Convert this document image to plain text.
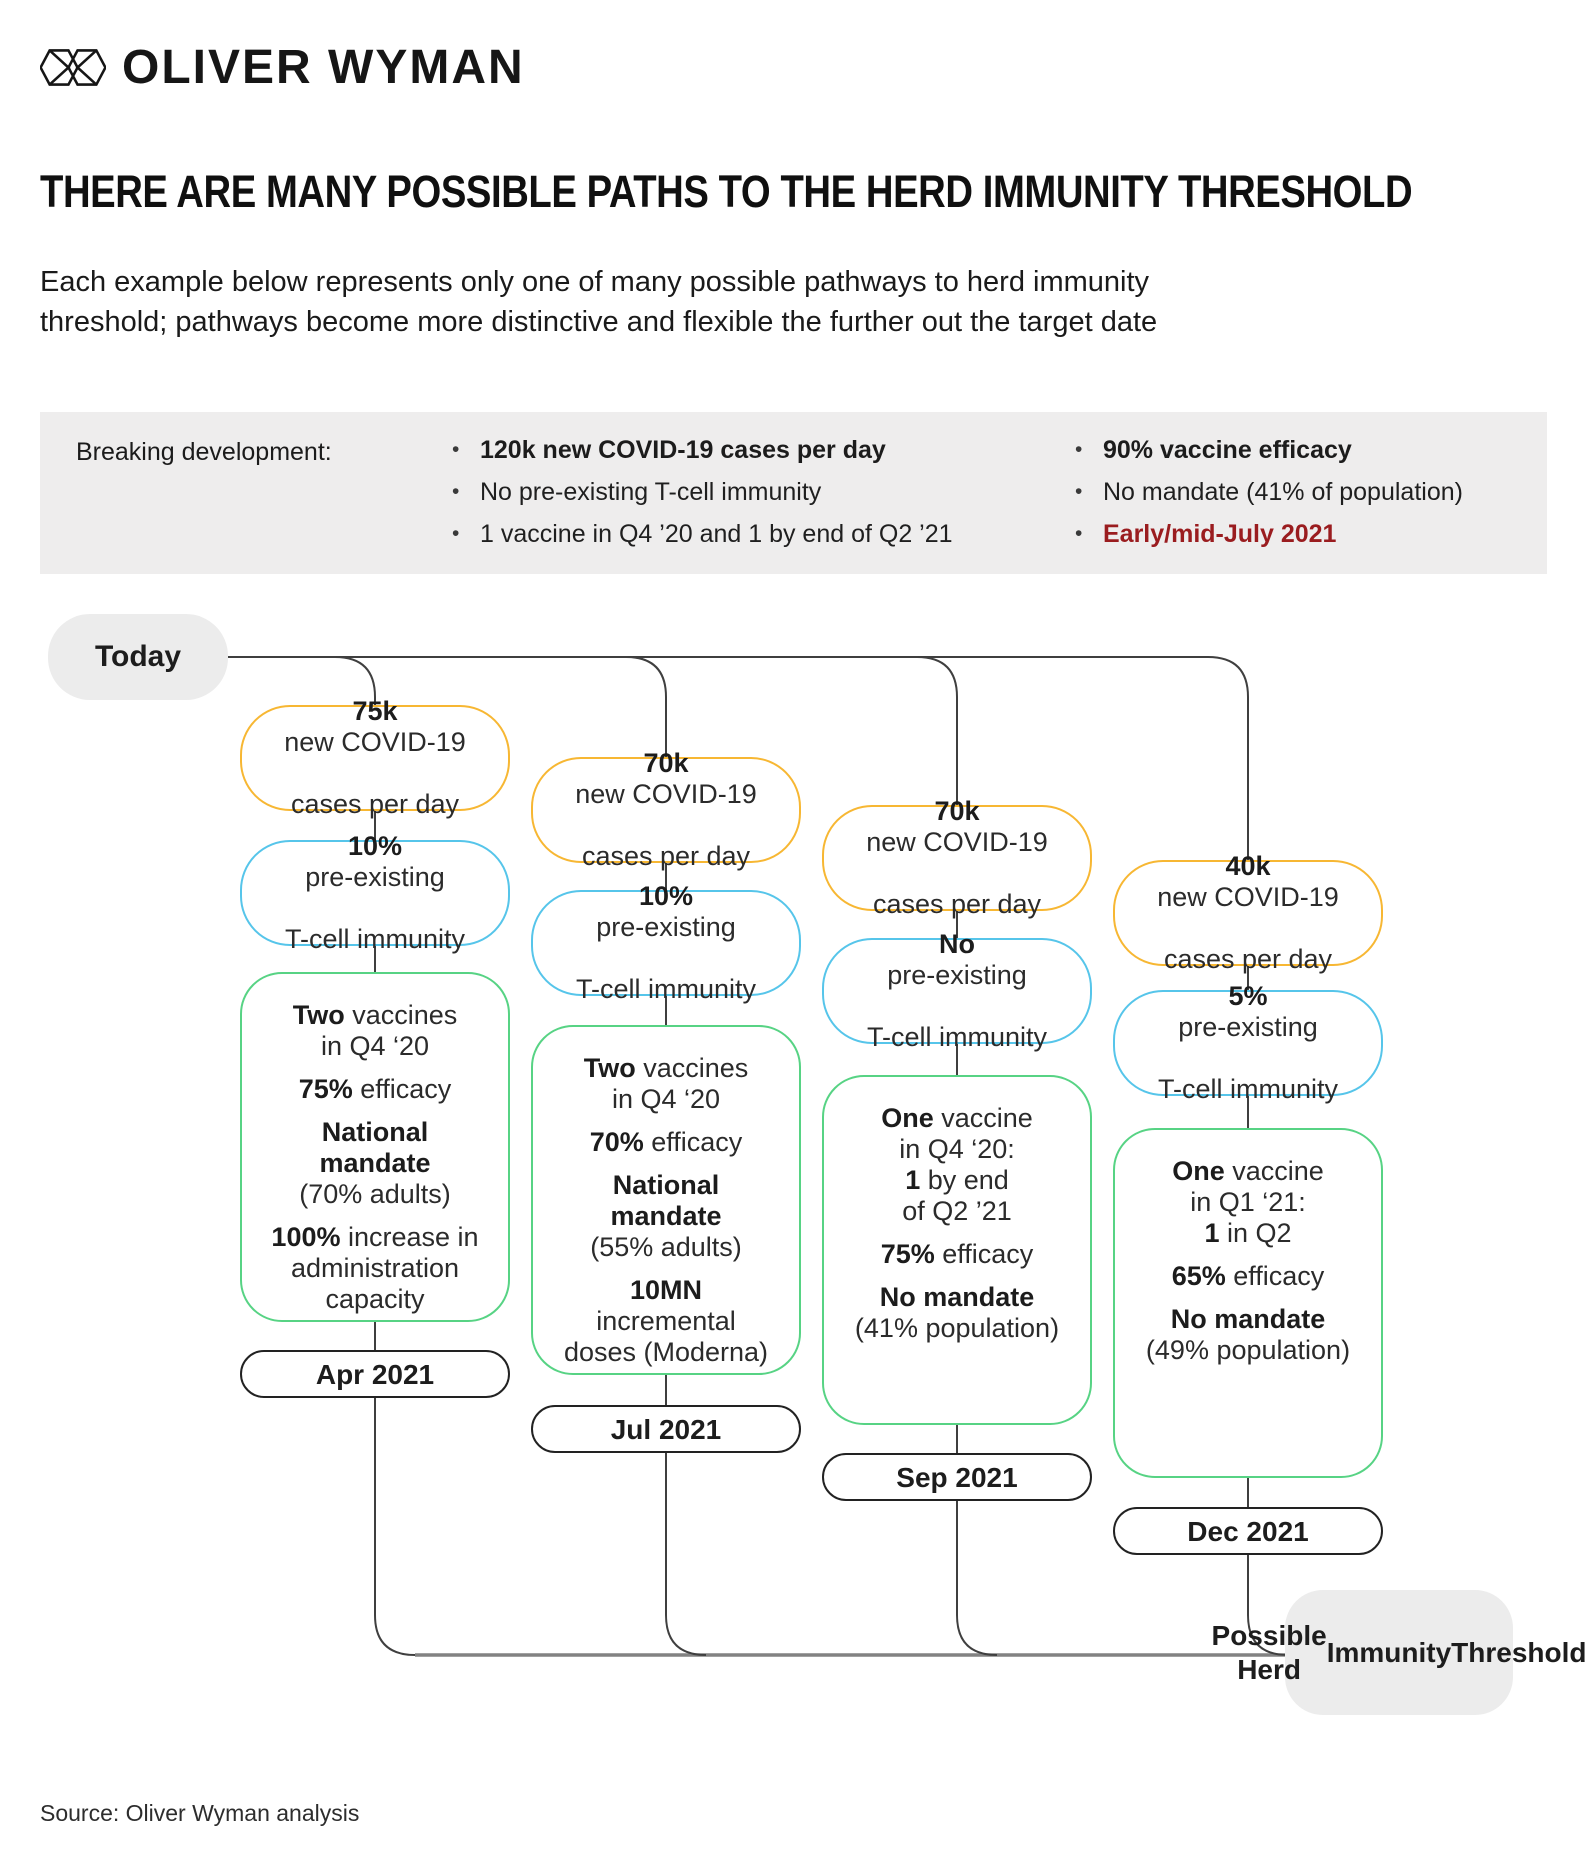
OLIVER WYMAN
THERE ARE MANY POSSIBLE PATHS TO THE HERD IMMUNITY THRESHOLD

Each example below represents only one of many possible pathways to herd immunity
threshold; pathways become more distinctive and flexible the further out the target date

Breaking development:	• 120k new COVID-19 cases per day
• No pre-existing T-cell immunity
• 1 vaccine in Q4 ’20 and 1 by end of Q2 ’21
• 90% vaccine efficacy
• No mandate (41% of population)
• Early/mid-July 2021
Today
75k
new COVID-19

cases per day
10%
pre-existing

T-cell immunity

Two vaccines
in Q4 ‘20

75% efficacy

National
mandate
(70% adults)

100% increase in
administration
capacity

Apr 2021
70k
new COVID-19

cases per day
10%
pre-existing

T-cell immunity

Two vaccines
in Q4 ‘20

70% efficacy

National
mandate
(55% adults)

10MN
incremental
doses (Moderna)

Jul 2021
70k
new COVID-19

cases per day
No
pre-existing

T-cell immunity

One vaccine
in Q4 ‘20:
1 by end
of Q2 ’21

75% efficacy

No mandate
(41% population)

Sep 2021
40k
new COVID-19

cases per day
5%
pre-existing

T-cell immunity

One vaccine
in Q1 ‘21:
1 in Q2

65% efficacy

No mandate
(49% population)

Dec 2021
Possible Herd

Immunity Threshold
Source: Oliver Wyman analysis
